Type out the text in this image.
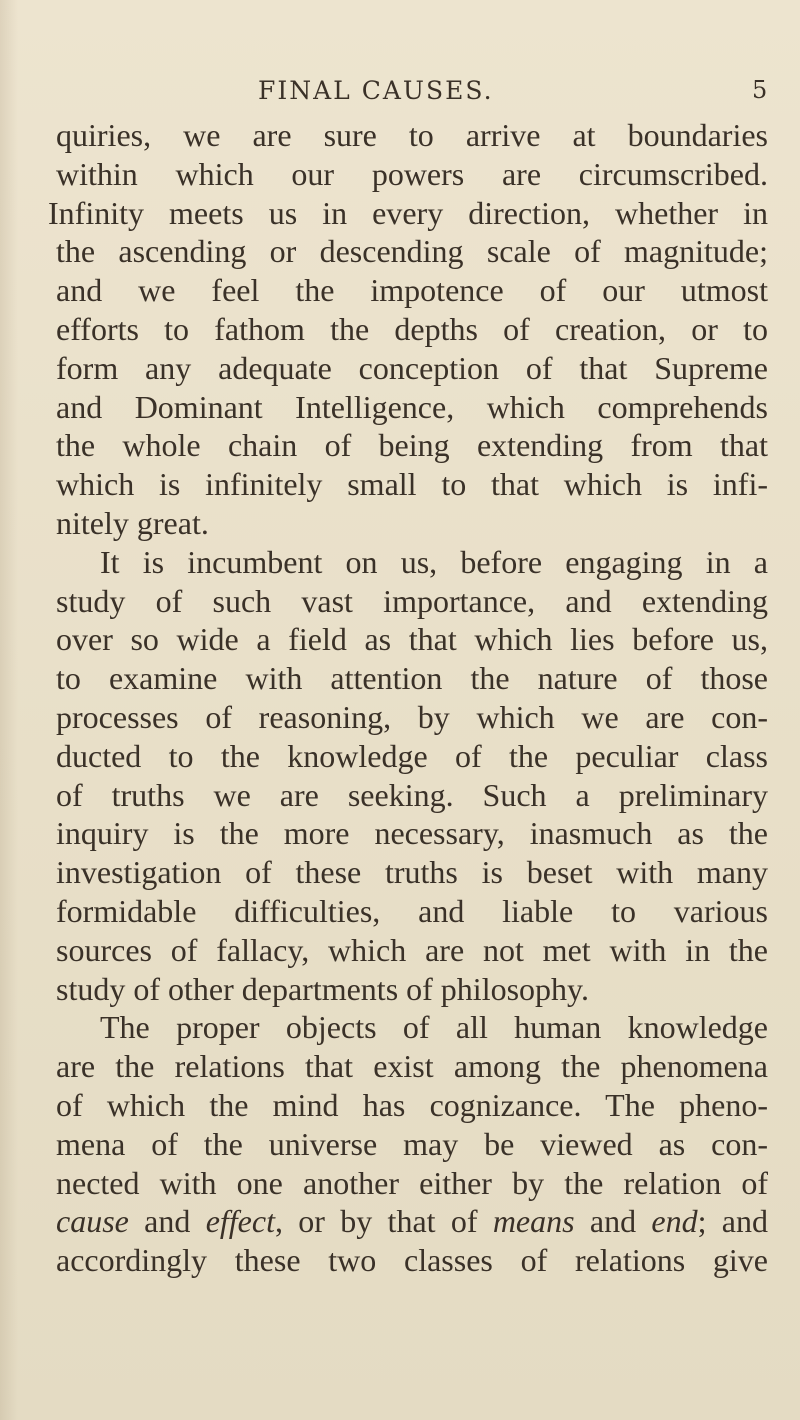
FINAL CAUSES.	5
quiries, we are sure to arrive at boundaries
within which our powers are circumscribed.
Infinity meets us in every direction, whether in
the ascending or descending scale of magnitude;
and we feel the impotence of our utmost
efforts to fathom the depths of creation, or to
form any adequate conception of that Supreme
and Dominant Intelligence, which comprehends
the whole chain of being extending from that
which is infinitely small to that which is infi-
nitely great.
It is incumbent on us, before engaging in a
study of such vast importance, and extending
over so wide a field as that which lies before us,
to examine with attention the nature of those
processes of reasoning, by which we are con-
ducted to the knowledge of the peculiar class
of truths we are seeking. Such a preliminary
inquiry is the more necessary, inasmuch as the
investigation of these truths is beset with many
formidable difficulties, and liable to various
sources of fallacy, which are not met with in the
study of other departments of philosophy.
The proper objects of all human knowledge
are the relations that exist among the phenomena
of which the mind has cognizance. The pheno-
mena of the universe may be viewed as con-
nected with one another either by the relation of
cause and effect, or by that of means and end; and
accordingly these two classes of relations give
